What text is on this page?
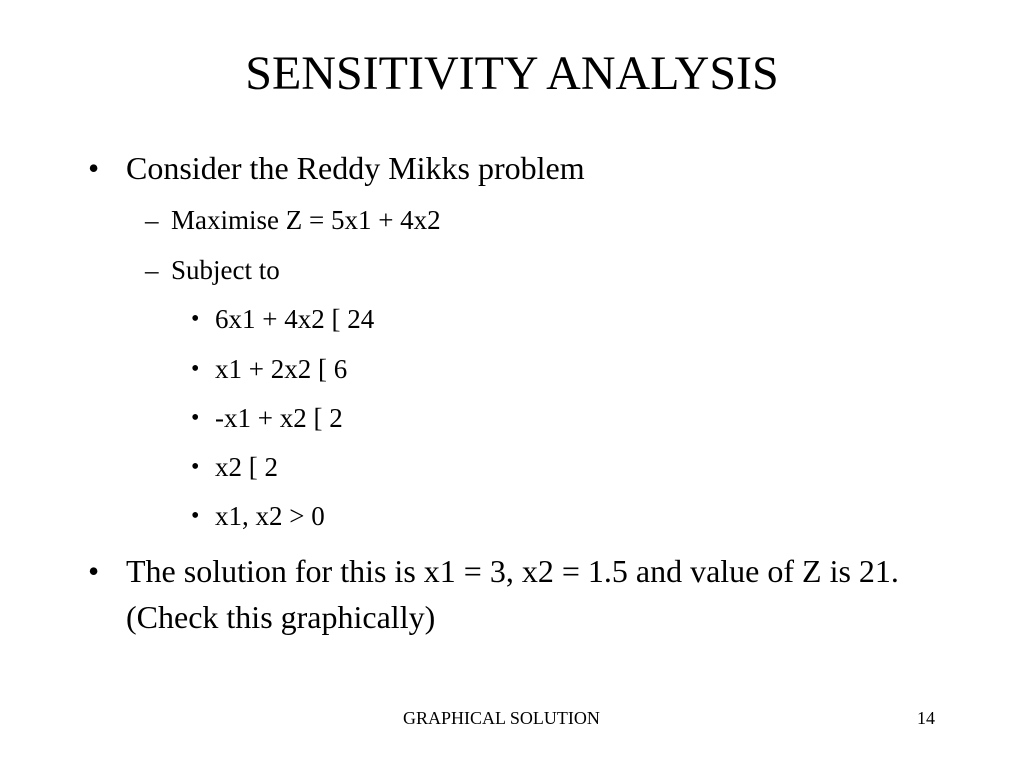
SENSITIVITY ANALYSIS
• Consider the Reddy Mikks problem
– Maximise Z = 5x1 + 4x2
– Subject to
• 6x1 + 4x2 [ 24
• x1 + 2x2 [ 6
• -x1 + x2 [ 2
• x2 [ 2
• x1, x2 > 0
• The solution for this is x1 = 3, x2 = 1.5 and value of Z is 21. (Check this graphically)
GRAPHICAL SOLUTION	14
